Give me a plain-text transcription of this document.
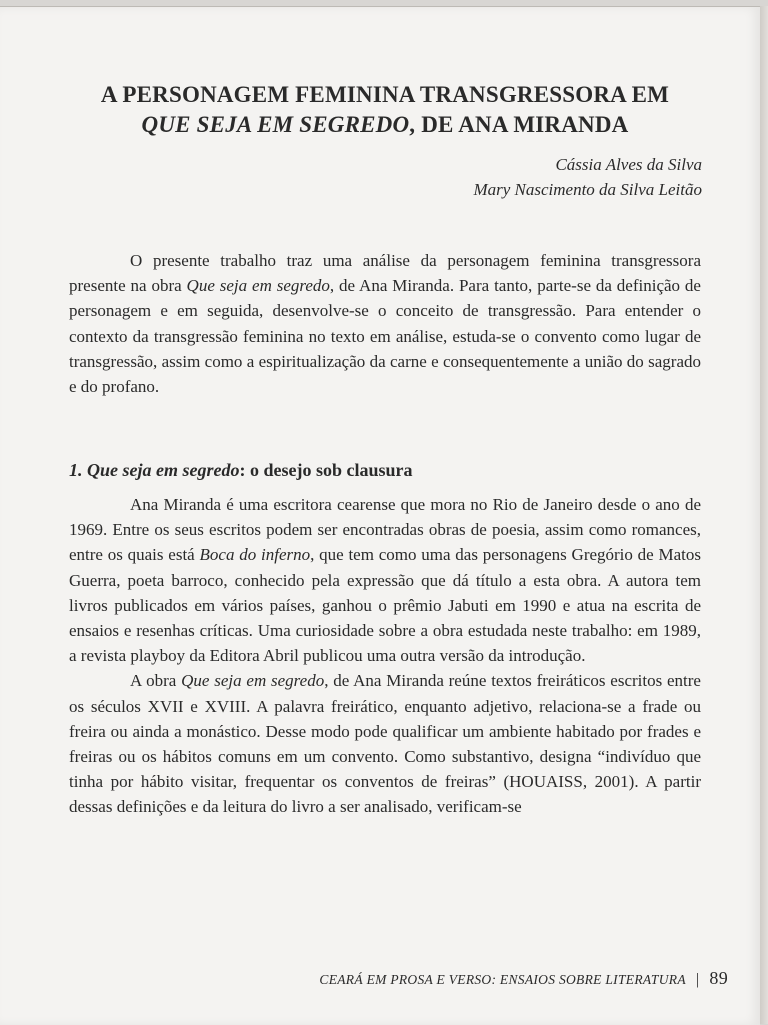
A PERSONAGEM FEMININA TRANSGRESSORA EM
QUE SEJA EM SEGREDO, DE ANA MIRANDA
Cássia Alves da Silva
Mary Nascimento da Silva Leitão

O presente trabalho traz uma análise da personagem feminina transgressora presente na obra Que seja em segredo, de Ana Miranda. Para tanto, parte-se da definição de personagem e em seguida, desenvolve-se o conceito de transgressão. Para entender o contexto da transgressão feminina no texto em análise, estuda-se o convento como lugar de transgressão, assim como a espiritualização da carne e consequentemente a união do sagrado e do profano.

1. Que seja em segredo: o desejo sob clausura

Ana Miranda é uma escritora cearense que mora no Rio de Janeiro desde o ano de 1969. Entre os seus escritos podem ser encontradas obras de poesia, assim como romances, entre os quais está Boca do inferno, que tem como uma das personagens Gregório de Matos Guerra, poeta barroco, conhecido pela expressão que dá título a esta obra. A autora tem livros publicados em vários países, ganhou o prêmio Jabuti em 1990 e atua na escrita de ensaios e resenhas críticas. Uma curiosidade sobre a obra estudada neste trabalho: em 1989, a revista playboy da Editora Abril publicou uma outra versão da introdução.

A obra Que seja em segredo, de Ana Miranda reúne textos freiráticos escritos entre os séculos XVII e XVIII. A palavra freirático, enquanto adjetivo, relaciona-se a frade ou freira ou ainda a monástico. Desse modo pode qualificar um ambiente habitado por frades e freiras ou os hábitos comuns em um convento. Como substantivo, designa “indivíduo que tinha por hábito visitar, frequentar os conventos de freiras” (HOUAISS, 2001). A partir dessas definições e da leitura do livro a ser analisado, verificam-se

CEARÁ EM PROSA E VERSO: ENSAIOS SOBRE LITERATURA | 89
